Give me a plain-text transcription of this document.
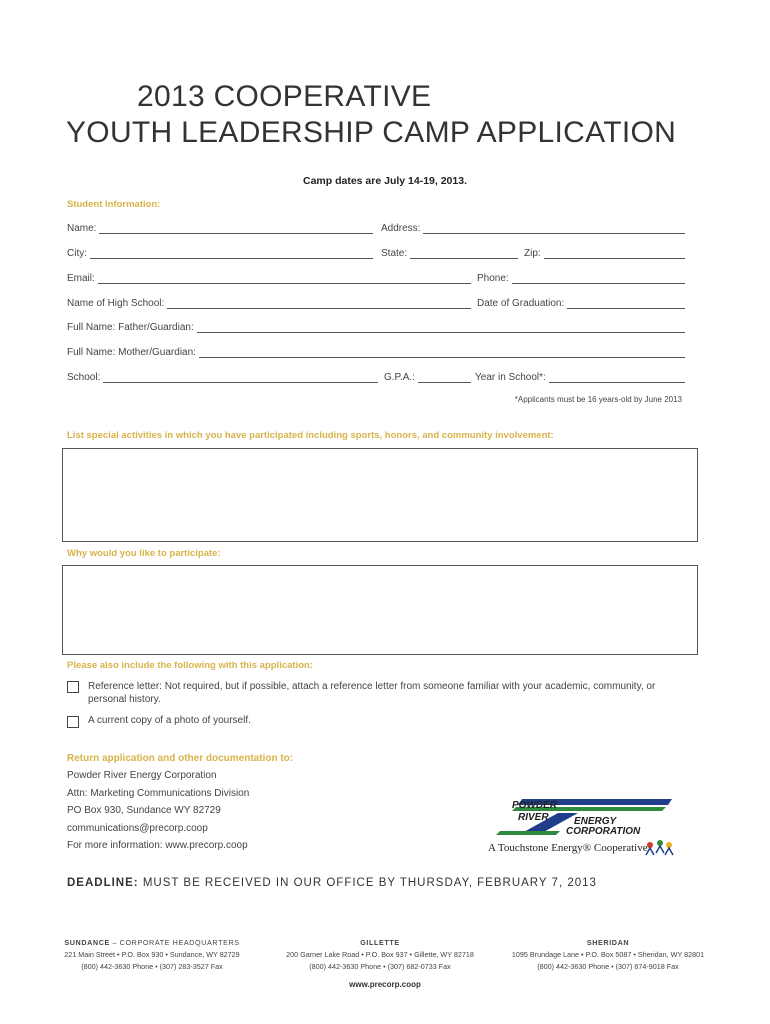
2013 COOPERATIVE
YOUTH LEADERSHIP CAMP APPLICATION
Camp dates are July 14-19, 2013.
Student Information:
Name:	Address:
City:	State:	Zip:
Email:	Phone:
Name of High School:	Date of Graduation:
Full Name: Father/Guardian:
Full Name: Mother/Guardian:
School:	G.P.A.:	Year in School*:
*Applicants must be 16 years-old by June 2013
List special activities in which you have participated including sports, honors, and community involvement:
Why would you like to participate:
Please also include the following with this application:
Reference letter: Not required, but if possible, attach a reference letter from someone familiar with your academic, community, or personal history.
A current copy of a photo of yourself.
Return application and other documentation to:
Powder River Energy Corporation
Attn: Marketing Communications Division
PO Box 930, Sundance WY 82729
communications@precorp.coop
For more information: www.precorp.coop
POWDER
RIVER	ENERGY
CORPORATION
A Touchstone Energy® Cooperative
DEADLINE: MUST BE RECEIVED IN OUR OFFICE BY THURSDAY, FEBRUARY 7, 2013
SUNDANCE – CORPORATE HEADQUARTERS
221 Main Street • P.O. Box 930 • Sundance, WY 82729
(800) 442-3630 Phone • (307) 283-3527 Fax
GILLETTE
200 Garner Lake Road • P.O. Box 937 • Gillette, WY 82718
(800) 442-3630 Phone • (307) 682-0733 Fax
SHERIDAN
1095 Brundage Lane • P.O. Box 5087 • Sheridan, WY 82801
(800) 442-3630 Phone • (307) 674-9018 Fax
www.precorp.coop
